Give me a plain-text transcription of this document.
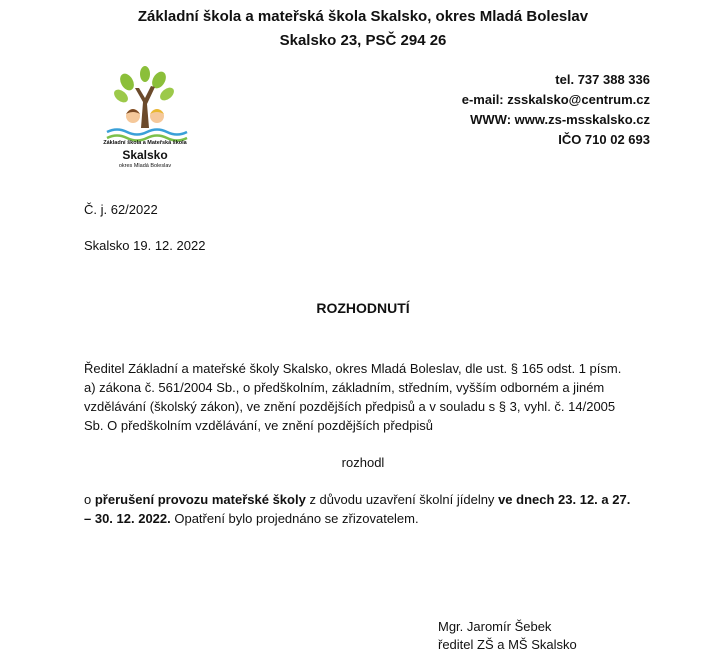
Základní škola a mateřská škola Skalsko, okres Mladá Boleslav
Skalsko 23, PSČ 294 26
Základní škola a Mateřská škola
Skalsko
okres Mladá Boleslav
tel. 737 388 336
e-mail: zsskalsko@centrum.cz
WWW: www.zs-msskalsko.cz
IČO 710 02 693
Č. j. 62/2022
Skalsko 19. 12. 2022
ROZHODNUTÍ
Ředitel Základní a mateřské školy Skalsko, okres Mladá Boleslav, dle ust. § 165 odst. 1 písm.
a) zákona č. 561/2004 Sb., o předškolním, základním, středním, vyšším odborném a jiném
vzdělávání (školský zákon), ve znění pozdějších předpisů a v souladu s § 3, vyhl. č. 14/2005
Sb. O předškolním vzdělávání, ve znění pozdějších předpisů
rozhodl
o přerušení provozu mateřské školy z důvodu uzavření školní jídelny ve dnech 23. 12. a 27.
– 30. 12. 2022. Opatření bylo projednáno se zřizovatelem.
Mgr. Jaromír Šebek
ředitel ZŠ a MŠ Skalsko
